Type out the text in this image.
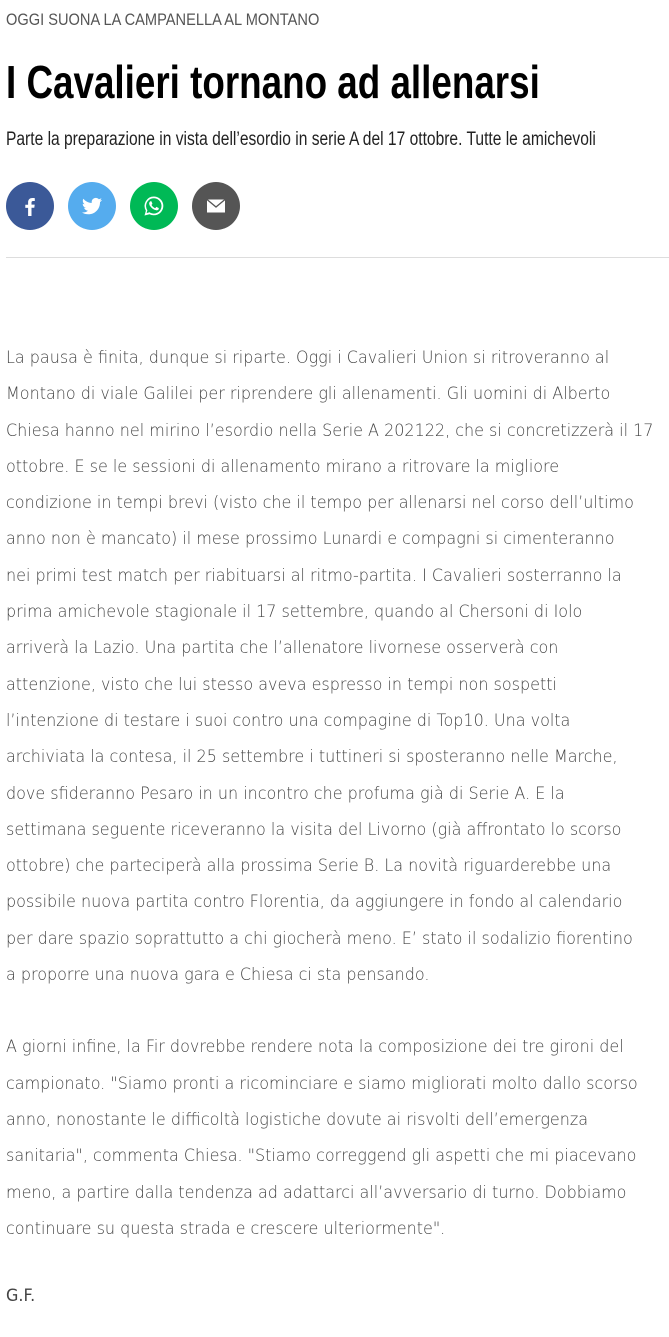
OGGI SUONA LA CAMPANELLA AL MONTANO
I Cavalieri tornano ad allenarsi
Parte la preparazione in vista dell’esordio in serie A del 17 ottobre. Tutte le amichevoli

La pausa è finita, dunque si riparte. Oggi i Cavalieri Union si ritroveranno al

Montano di viale Galilei per riprendere gli allenamenti. Gli uomini di Alberto

Chiesa hanno nel mirino l’esordio nella Serie A 202122, che si concretizzerà il 17

ottobre. E se le sessioni di allenamento mirano a ritrovare la migliore

condizione in tempi brevi (visto che il tempo per allenarsi nel corso dell’ultimo

anno non è mancato) il mese prossimo Lunardi e compagni si cimenteranno

nei primi test match per riabituarsi al ritmo-partita. I Cavalieri sosterranno la

prima amichevole stagionale il 17 settembre, quando al Chersoni di Iolo

arriverà la Lazio. Una partita che l’allenatore livornese osserverà con

attenzione, visto che lui stesso aveva espresso in tempi non sospetti

l’intenzione di testare i suoi contro una compagine di Top10. Una volta

archiviata la contesa, il 25 settembre i tuttineri si sposteranno nelle Marche,

dove sfideranno Pesaro in un incontro che profuma già di Serie A. E la

settimana seguente riceveranno la visita del Livorno (già affrontato lo scorso

ottobre) che parteciperà alla prossima Serie B. La novità riguarderebbe una

possibile nuova partita contro Florentia, da aggiungere in fondo al calendario

per dare spazio soprattutto a chi giocherà meno. E’ stato il sodalizio fiorentino

a proporre una nuova gara e Chiesa ci sta pensando.

A giorni infine, la Fir dovrebbe rendere nota la composizione dei tre gironi del

campionato. "Siamo pronti a ricominciare e siamo migliorati molto dallo scorso

anno, nonostante le difficoltà logistiche dovute ai risvolti dell’emergenza

sanitaria", commenta Chiesa. "Stiamo correggend gli aspetti che mi piacevano

meno, a partire dalla tendenza ad adattarci all’avversario di turno. Dobbiamo

continuare su questa strada e crescere ulteriormente".

G.F.
